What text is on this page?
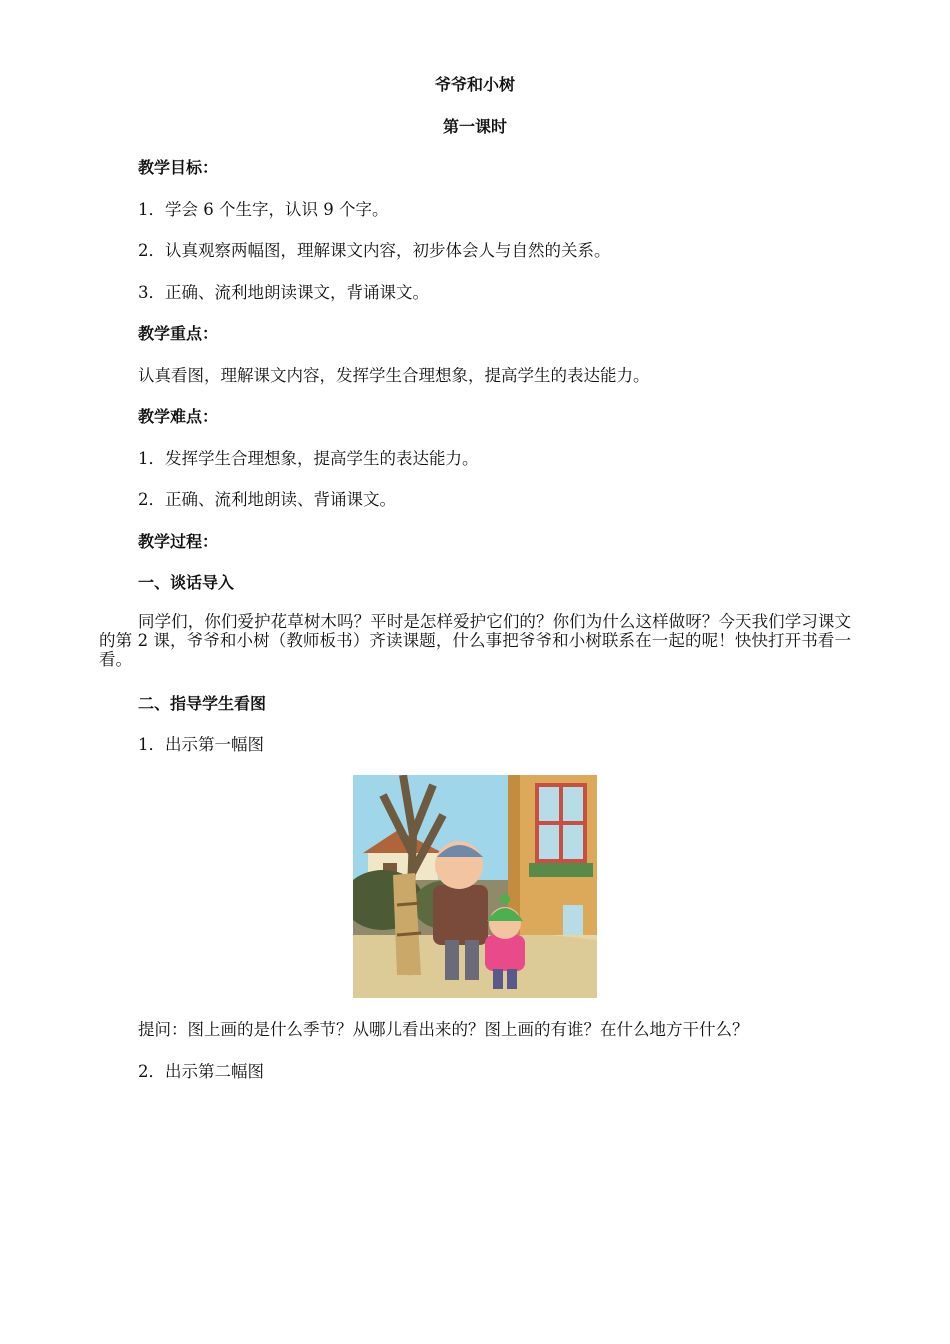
爷爷和小树

第一课时

教学目标：

1．学会 6 个生字，认识 9 个字。

2．认真观察两幅图，理解课文内容，初步体会人与自然的关系。

3．正确、流利地朗读课文，背诵课文。

教学重点：

认真看图，理解课文内容，发挥学生合理想象，提高学生的表达能力。

教学难点：

1．发挥学生合理想象，提高学生的表达能力。

2．正确、流利地朗读、背诵课文。

教学过程：

一、谈话导入

同学们，你们爱护花草树木吗？平时是怎样爱护它们的？你们为什么这样做呀？今天我们学习课文的第 2 课，爷爷和小树（教师板书）齐读课题，什么事把爷爷和小树联系在一起的呢！快快打开书看一看。

二、指导学生看图

1．出示第一幅图

提问：图上画的是什么季节？从哪儿看出来的？图上画的有谁？在什么地方干什么？

2．出示第二幅图
